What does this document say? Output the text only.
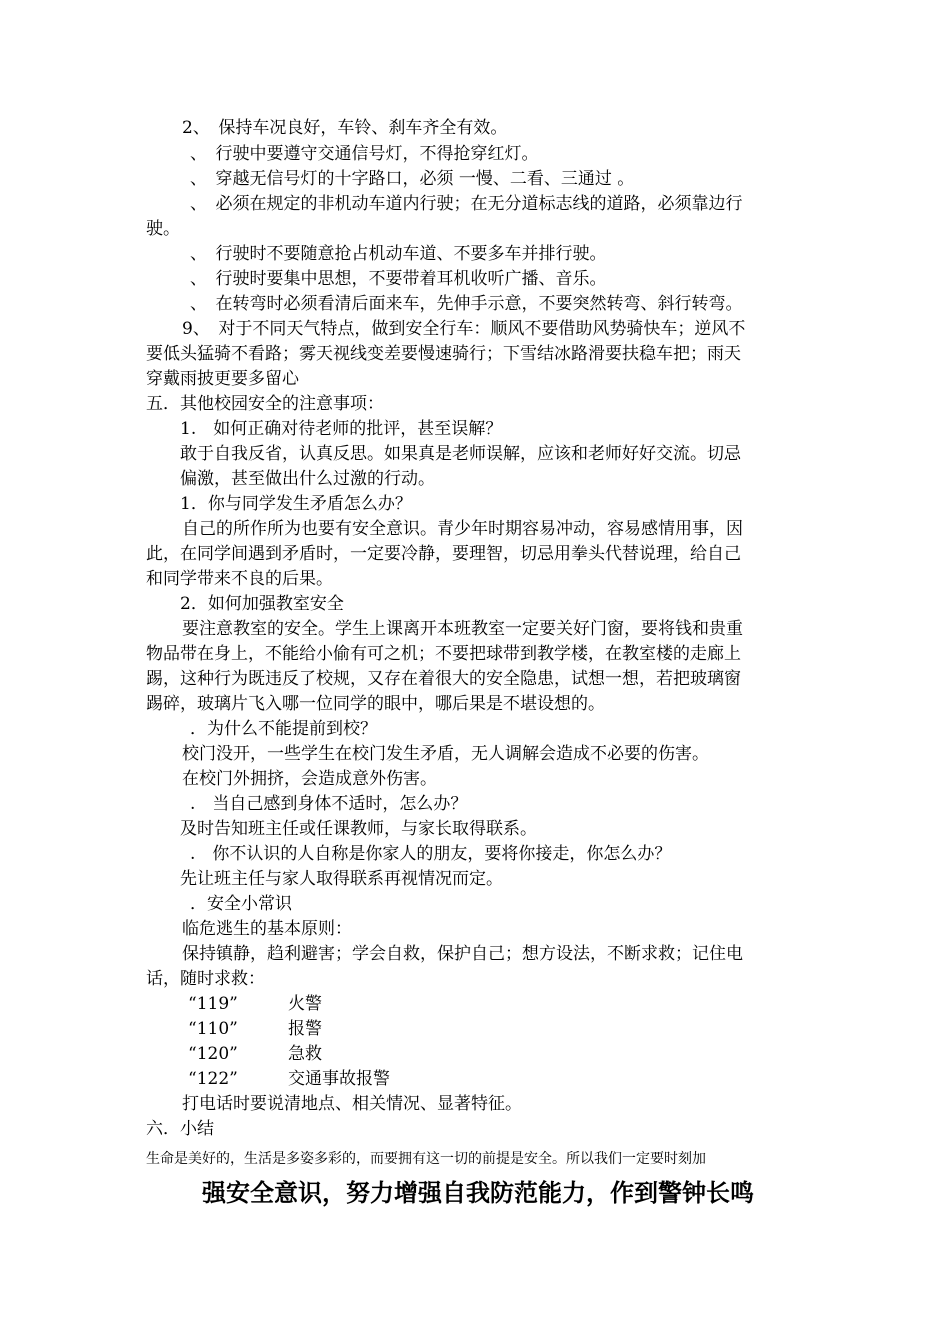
2、　保持车况良好，车铃、刹车齐全有效。
、　行驶中要遵守交通信号灯，不得抢穿红灯。
、　穿越无信号灯的十字路口，必须 一慢、二看、三通过 。
、　必须在规定的非机动车道内行驶；在无分道标志线的道路，必须靠边行
驶。
、　行驶时不要随意抢占机动车道、不要多车并排行驶。
、　行驶时要集中思想，不要带着耳机收听广播、音乐。
、　在转弯时必须看清后面来车，先伸手示意，不要突然转弯、斜行转弯。
9、　对于不同天气特点，做到安全行车：顺风不要借助风势骑快车；逆风不
要低头猛骑不看路；雾天视线变差要慢速骑行；下雪结冰路滑要扶稳车把；雨天
穿戴雨披更要多留心
五．其他校园安全的注意事项：
1.　如何正确对待老师的批评，甚至误解？
敢于自我反省，认真反思。如果真是老师误解，应该和老师好好交流。切忌
偏激，甚至做出什么过激的行动。
1．你与同学发生矛盾怎么办？
自己的所作所为也要有安全意识。青少年时期容易冲动，容易感情用事，因
此，在同学间遇到矛盾时，一定要冷静，要理智，切忌用拳头代替说理，给自己
和同学带来不良的后果。
2．如何加强教室安全
要注意教室的安全。学生上课离开本班教室一定要关好门窗，要将钱和贵重
物品带在身上，不能给小偷有可之机；不要把球带到教学楼，在教室楼的走廊上
踢，这种行为既违反了校规，又存在着很大的安全隐患，试想一想，若把玻璃窗
踢碎，玻璃片飞入哪一位同学的眼中，哪后果是不堪设想的。
．为什么不能提前到校？
校门没开，一些学生在校门发生矛盾，无人调解会造成不必要的伤害。
在校门外拥挤，会造成意外伤害。
.　当自己感到身体不适时，怎么办？
及时告知班主任或任课教师，与家长取得联系。
.　你不认识的人自称是你家人的朋友，要将你接走，你怎么办？
先让班主任与家人取得联系再视情况而定。
．安全小常识
临危逃生的基本原则：
保持镇静，趋利避害；学会自救，保护自己；想方设法，不断求救；记住电
话，随时求救：
“119”	火警
“110”	报警
“120”	急救
“122”	交通事故报警
打电话时要说清地点、相关情况、显著特征。
六．小结
生命是美好的，生活是多姿多彩的，而要拥有这一切的前提是安全。所以我们一定要时刻加
强安全意识，努力增强自我防范能力，作到警钟长鸣
